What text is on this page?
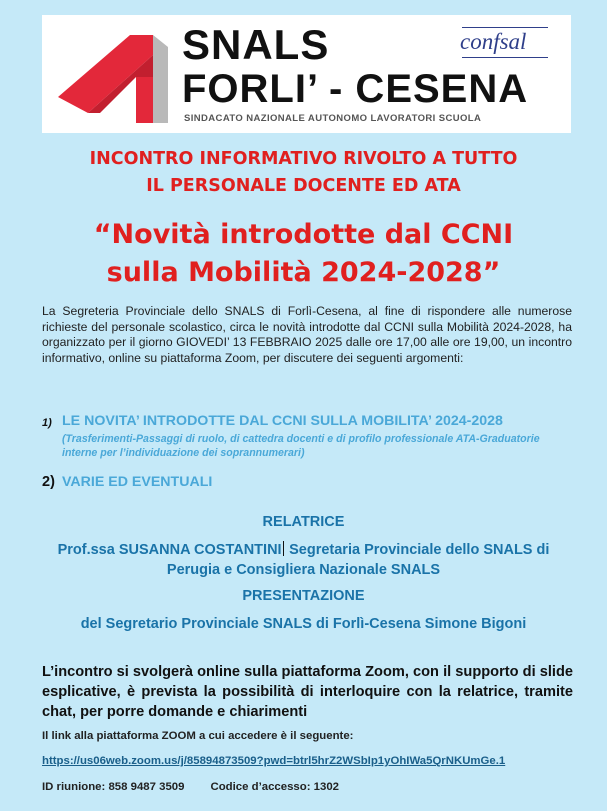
SNALS
FORLI’ - CESENA
SINDACATO NAZIONALE AUTONOMO LAVORATORI SCUOLA
confsal
INCONTRO INFORMATIVO RIVOLTO A TUTTO
IL PERSONALE DOCENTE ED ATA
“Novità introdotte dal CCNI
sulla Mobilità 2024-2028”

La Segreteria Provinciale dello SNALS di Forlì-Cesena, al fine di rispondere alle numerose richieste del personale scolastico, circa le novità introdotte dal CCNI sulla Mobilità 2024-2028, ha organizzato per il giorno GIOVEDI’ 13 FEBBRAIO 2025 dalle ore 17,00 alle ore 19,00, un incontro informativo, online su piattaforma Zoom, per discutere dei seguenti argomenti:

1) LE NOVITA’ INTRODOTTE DAL CCNI SULLA MOBILITA’ 2024-2028
(Trasferimenti-Passaggi di ruolo, di cattedra docenti e di profilo professionale ATA-Graduatorie interne per l’individuazione dei soprannumerari)
2) VARIE ED EVENTUALI
RELATRICE
Prof.ssa SUSANNA COSTANTINI Segretaria Provinciale dello SNALS di
Perugia e Consigliera Nazionale SNALS
PRESENTAZIONE
del Segretario Provinciale SNALS di Forlì-Cesena Simone Bigoni

L’incontro si svolgerà online sulla piattaforma Zoom, con il supporto di slide esplicative, è prevista la possibilità di interloquire con la relatrice, tramite chat, per porre domande e chiarimenti

Il link alla piattaforma ZOOM a cui accedere è il seguente:
https://us06web.zoom.us/j/85894873509?pwd=btrl5hrZ2WSbIp1yOhIWa5QrNKUmGe.1
ID riunione: 858 9487 3509 Codice d’accesso: 1302
